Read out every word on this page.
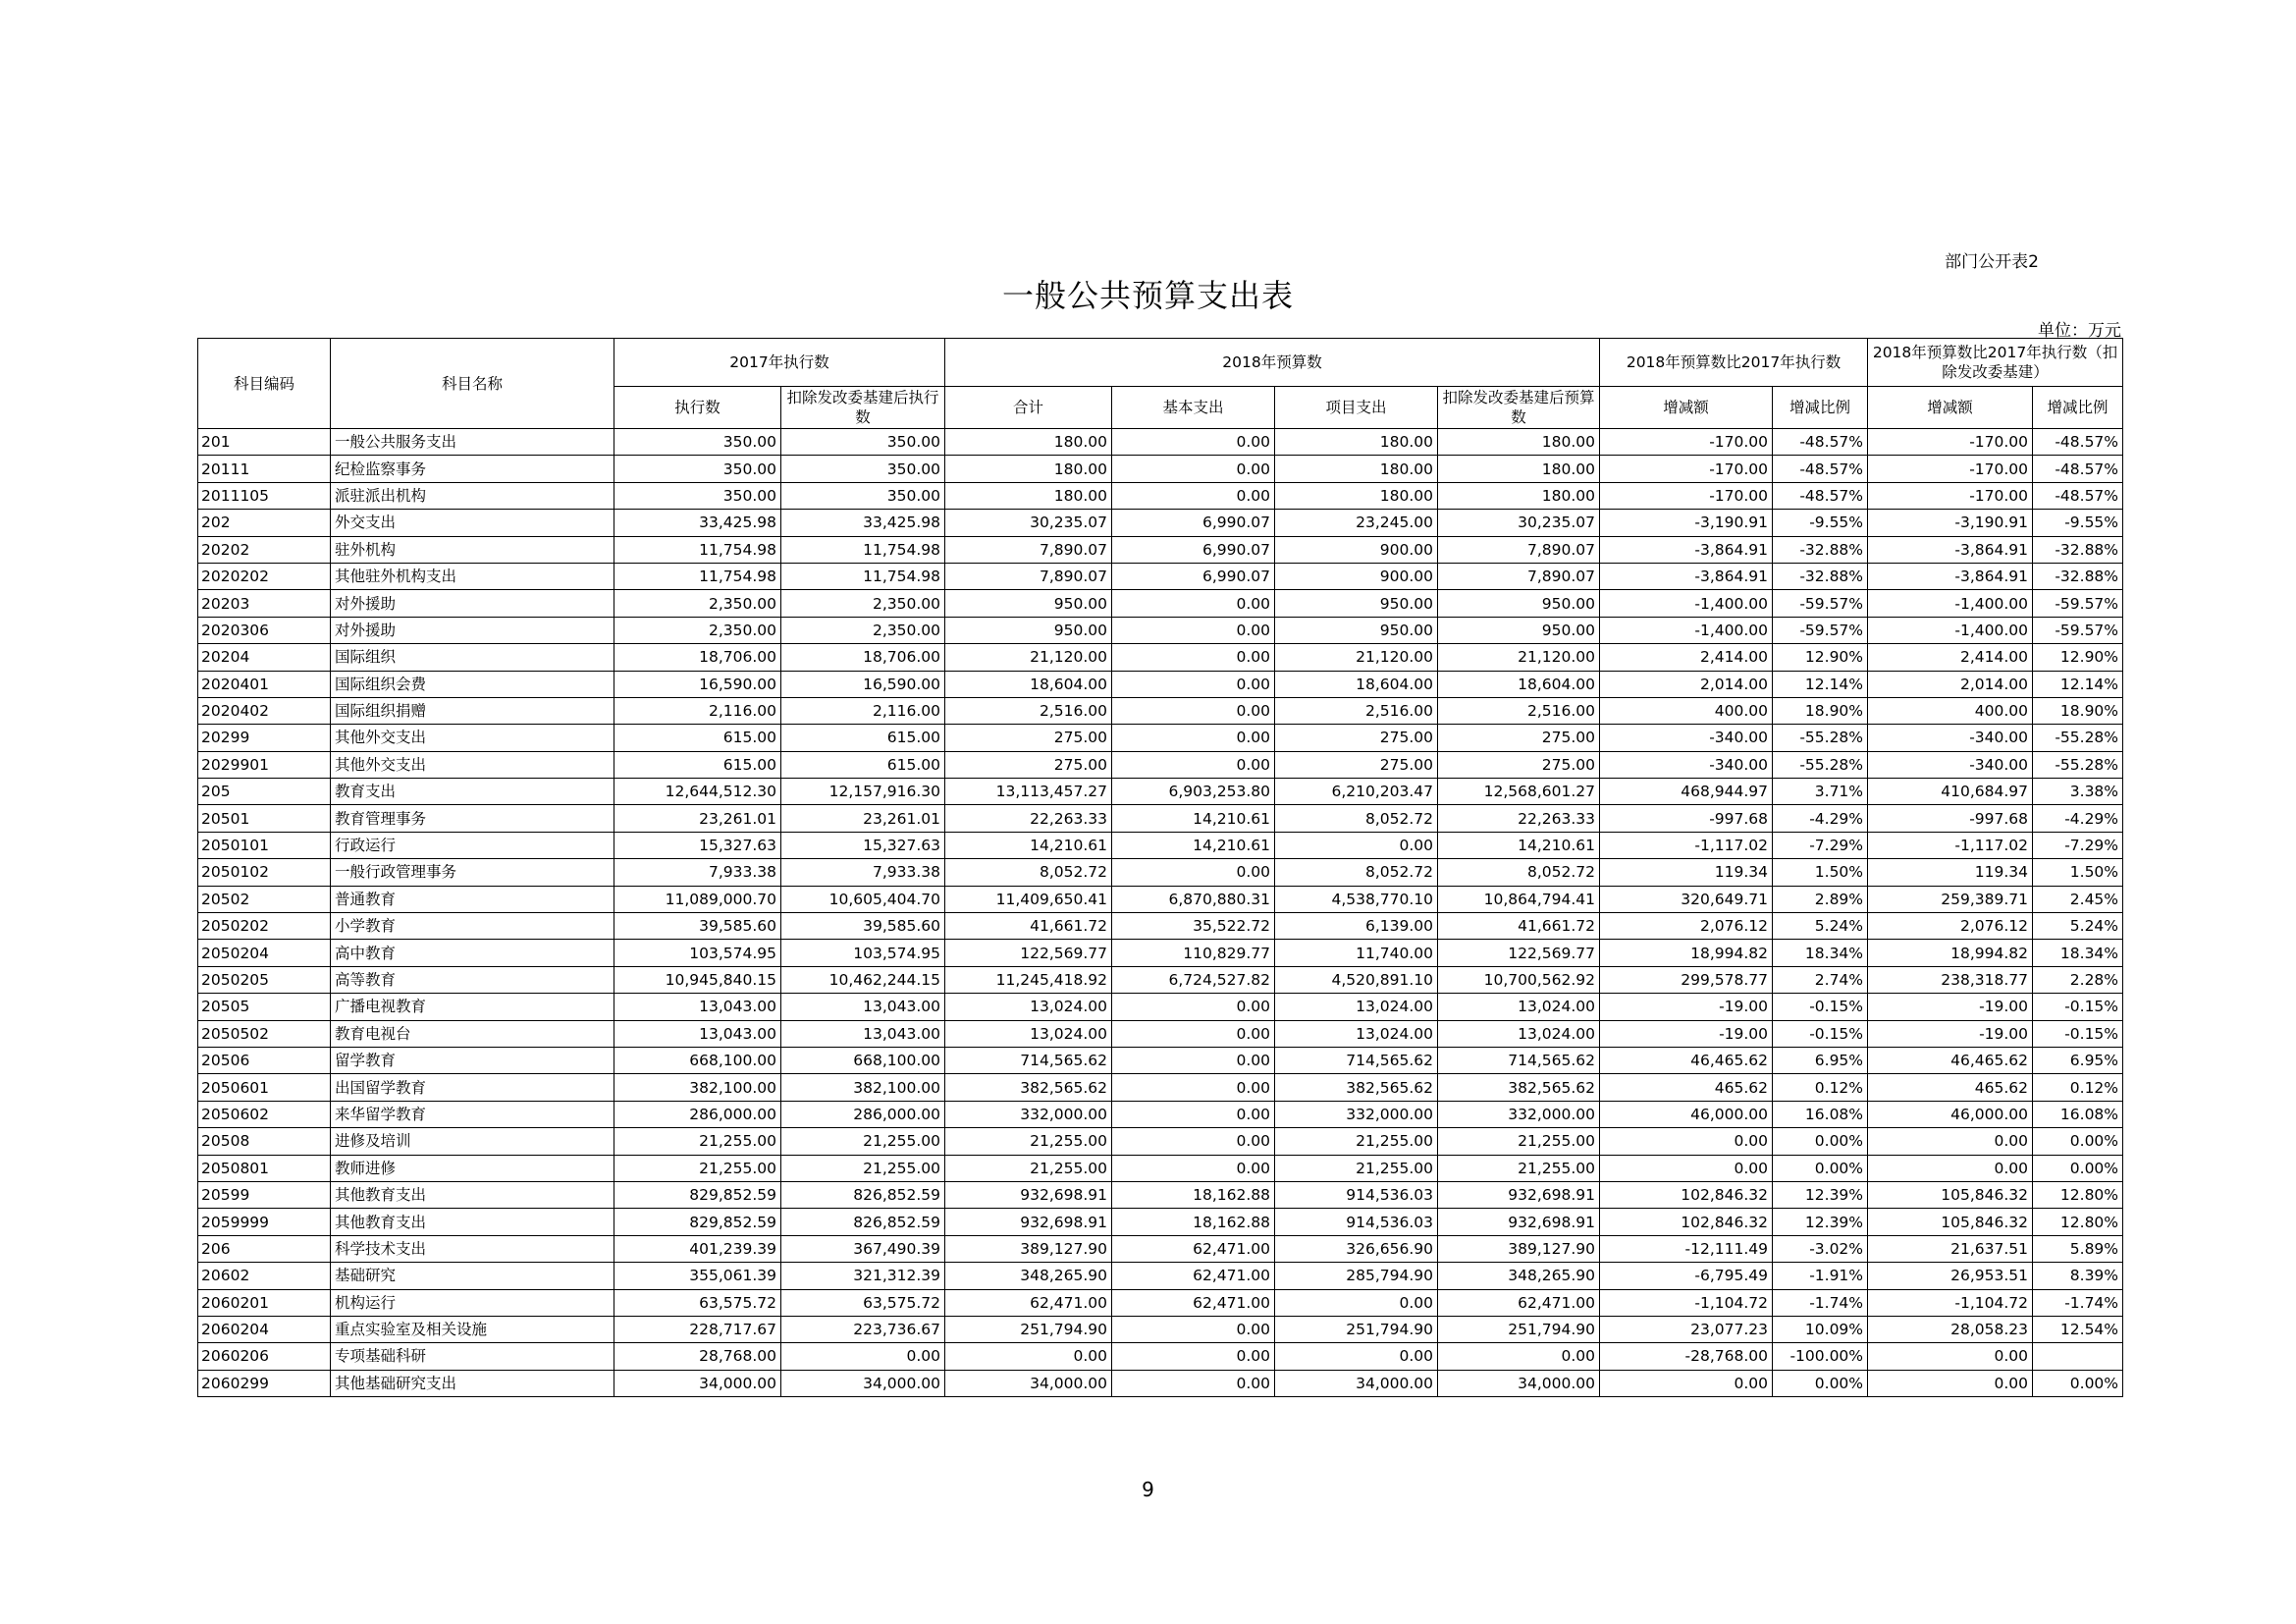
部门公开表2
一般公共预算支出表
单位：万元
科目编码	科目名称	2017年执行数		2018年预算数				2018年预算数比2017年执行数		2018年预算数比2017年执行数（扣除发改委基建）	
		执行数	扣除发改委基建后执行数	合计	基本支出	项目支出	扣除发改委基建后预算数	增减额	增减比例	增减额	增减比例
201	一般公共服务支出	350.00	350.00	180.00	0.00	180.00	180.00	-170.00	-48.57%	-170.00	-48.57%
20111	纪检监察事务	350.00	350.00	180.00	0.00	180.00	180.00	-170.00	-48.57%	-170.00	-48.57%
2011105	派驻派出机构	350.00	350.00	180.00	0.00	180.00	180.00	-170.00	-48.57%	-170.00	-48.57%
202	外交支出	33,425.98	33,425.98	30,235.07	6,990.07	23,245.00	30,235.07	-3,190.91	-9.55%	-3,190.91	-9.55%
20202	驻外机构	11,754.98	11,754.98	7,890.07	6,990.07	900.00	7,890.07	-3,864.91	-32.88%	-3,864.91	-32.88%
2020202	其他驻外机构支出	11,754.98	11,754.98	7,890.07	6,990.07	900.00	7,890.07	-3,864.91	-32.88%	-3,864.91	-32.88%
20203	对外援助	2,350.00	2,350.00	950.00	0.00	950.00	950.00	-1,400.00	-59.57%	-1,400.00	-59.57%
2020306	对外援助	2,350.00	2,350.00	950.00	0.00	950.00	950.00	-1,400.00	-59.57%	-1,400.00	-59.57%
20204	国际组织	18,706.00	18,706.00	21,120.00	0.00	21,120.00	21,120.00	2,414.00	12.90%	2,414.00	12.90%
2020401	国际组织会费	16,590.00	16,590.00	18,604.00	0.00	18,604.00	18,604.00	2,014.00	12.14%	2,014.00	12.14%
2020402	国际组织捐赠	2,116.00	2,116.00	2,516.00	0.00	2,516.00	2,516.00	400.00	18.90%	400.00	18.90%
20299	其他外交支出	615.00	615.00	275.00	0.00	275.00	275.00	-340.00	-55.28%	-340.00	-55.28%
2029901	其他外交支出	615.00	615.00	275.00	0.00	275.00	275.00	-340.00	-55.28%	-340.00	-55.28%
205	教育支出	12,644,512.30	12,157,916.30	13,113,457.27	6,903,253.80	6,210,203.47	12,568,601.27	468,944.97	3.71%	410,684.97	3.38%
20501	教育管理事务	23,261.01	23,261.01	22,263.33	14,210.61	8,052.72	22,263.33	-997.68	-4.29%	-997.68	-4.29%
2050101	行政运行	15,327.63	15,327.63	14,210.61	14,210.61	0.00	14,210.61	-1,117.02	-7.29%	-1,117.02	-7.29%
2050102	一般行政管理事务	7,933.38	7,933.38	8,052.72	0.00	8,052.72	8,052.72	119.34	1.50%	119.34	1.50%
20502	普通教育	11,089,000.70	10,605,404.70	11,409,650.41	6,870,880.31	4,538,770.10	10,864,794.41	320,649.71	2.89%	259,389.71	2.45%
2050202	小学教育	39,585.60	39,585.60	41,661.72	35,522.72	6,139.00	41,661.72	2,076.12	5.24%	2,076.12	5.24%
2050204	高中教育	103,574.95	103,574.95	122,569.77	110,829.77	11,740.00	122,569.77	18,994.82	18.34%	18,994.82	18.34%
2050205	高等教育	10,945,840.15	10,462,244.15	11,245,418.92	6,724,527.82	4,520,891.10	10,700,562.92	299,578.77	2.74%	238,318.77	2.28%
20505	广播电视教育	13,043.00	13,043.00	13,024.00	0.00	13,024.00	13,024.00	-19.00	-0.15%	-19.00	-0.15%
2050502	教育电视台	13,043.00	13,043.00	13,024.00	0.00	13,024.00	13,024.00	-19.00	-0.15%	-19.00	-0.15%
20506	留学教育	668,100.00	668,100.00	714,565.62	0.00	714,565.62	714,565.62	46,465.62	6.95%	46,465.62	6.95%
2050601	出国留学教育	382,100.00	382,100.00	382,565.62	0.00	382,565.62	382,565.62	465.62	0.12%	465.62	0.12%
2050602	来华留学教育	286,000.00	286,000.00	332,000.00	0.00	332,000.00	332,000.00	46,000.00	16.08%	46,000.00	16.08%
20508	进修及培训	21,255.00	21,255.00	21,255.00	0.00	21,255.00	21,255.00	0.00	0.00%	0.00	0.00%
2050801	教师进修	21,255.00	21,255.00	21,255.00	0.00	21,255.00	21,255.00	0.00	0.00%	0.00	0.00%
20599	其他教育支出	829,852.59	826,852.59	932,698.91	18,162.88	914,536.03	932,698.91	102,846.32	12.39%	105,846.32	12.80%
2059999	其他教育支出	829,852.59	826,852.59	932,698.91	18,162.88	914,536.03	932,698.91	102,846.32	12.39%	105,846.32	12.80%
206	科学技术支出	401,239.39	367,490.39	389,127.90	62,471.00	326,656.90	389,127.90	-12,111.49	-3.02%	21,637.51	5.89%
20602	基础研究	355,061.39	321,312.39	348,265.90	62,471.00	285,794.90	348,265.90	-6,795.49	-1.91%	26,953.51	8.39%
2060201	机构运行	63,575.72	63,575.72	62,471.00	62,471.00	0.00	62,471.00	-1,104.72	-1.74%	-1,104.72	-1.74%
2060204	重点实验室及相关设施	228,717.67	223,736.67	251,794.90	0.00	251,794.90	251,794.90	23,077.23	10.09%	28,058.23	12.54%
2060206	专项基础科研	28,768.00	0.00	0.00	0.00	0.00	0.00	-28,768.00	-100.00%	0.00	
2060299	其他基础研究支出	34,000.00	34,000.00	34,000.00	0.00	34,000.00	34,000.00	0.00	0.00%	0.00	0.00%
9
